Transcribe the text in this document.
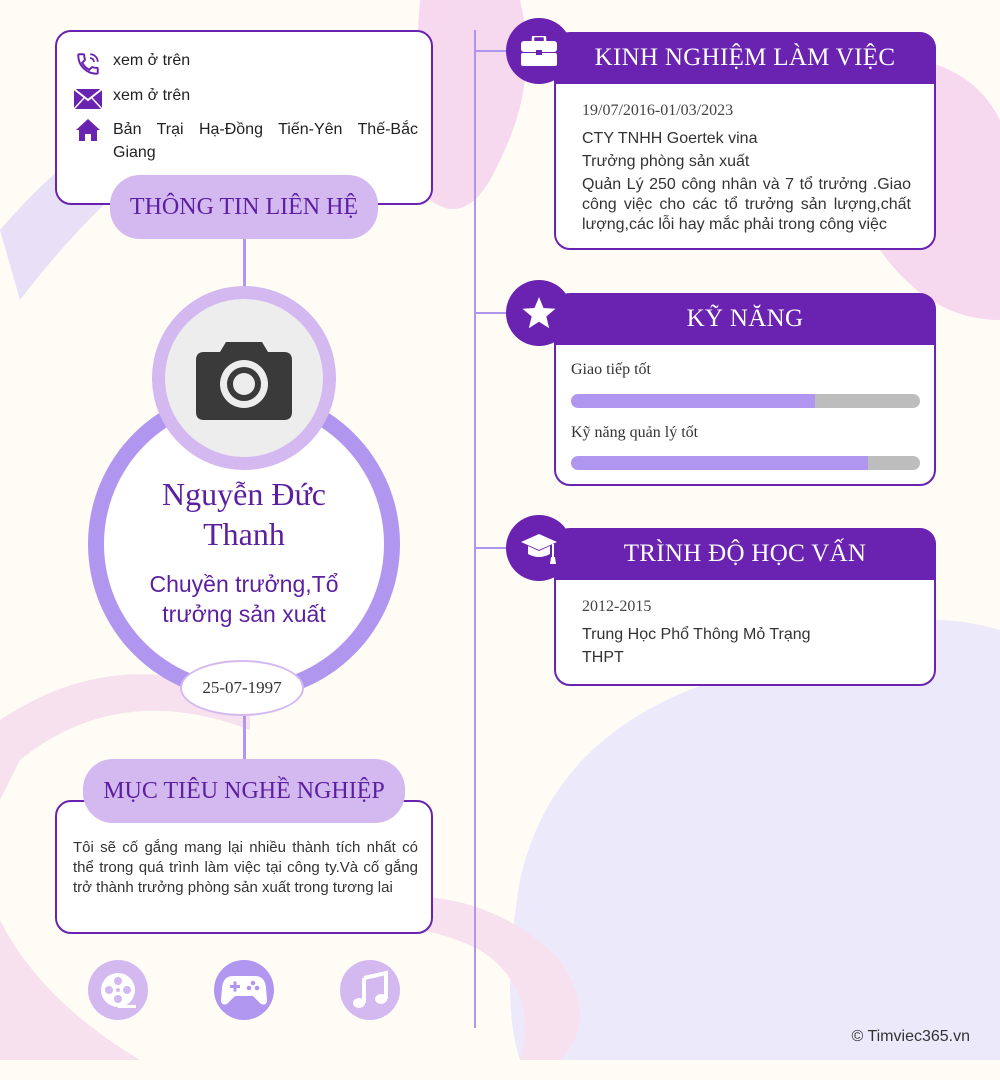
xem ở trên
xem ở trên
Bản Trại Hạ-Đồng Tiến-Yên Thế-Bắc Giang
THÔNG TIN LIÊN HỆ
Nguyễn Đức Thanh
Chuyền trưởng,Tổ trưởng sản xuất
25-07-1997
Tôi sẽ cố gắng mang lại nhiều thành tích nhất có thể trong quá trình làm việc tại công ty.Và cố gắng trở thành trưởng phòng sản xuất trong tương lai
MỤC TIÊU NGHỀ NGHIỆP
19/07/2016-01/03/2023
CTY TNHH Goertek vina
Trưởng phòng sản xuất
Quản Lý 250 công nhân và 7 tổ trưởng .Giao công việc cho các tổ trưởng sản lượng,chất lượng,các lỗi hay mắc phải trong công việc
KINH NGHIỆM LÀM VIỆC
Giao tiếp tốt
Kỹ năng quản lý tốt
KỸ NĂNG
2012-2015
Trung Học Phổ Thông Mỏ Trạng
THPT
TRÌNH ĐỘ HỌC VẤN
© Timviec365.vn
